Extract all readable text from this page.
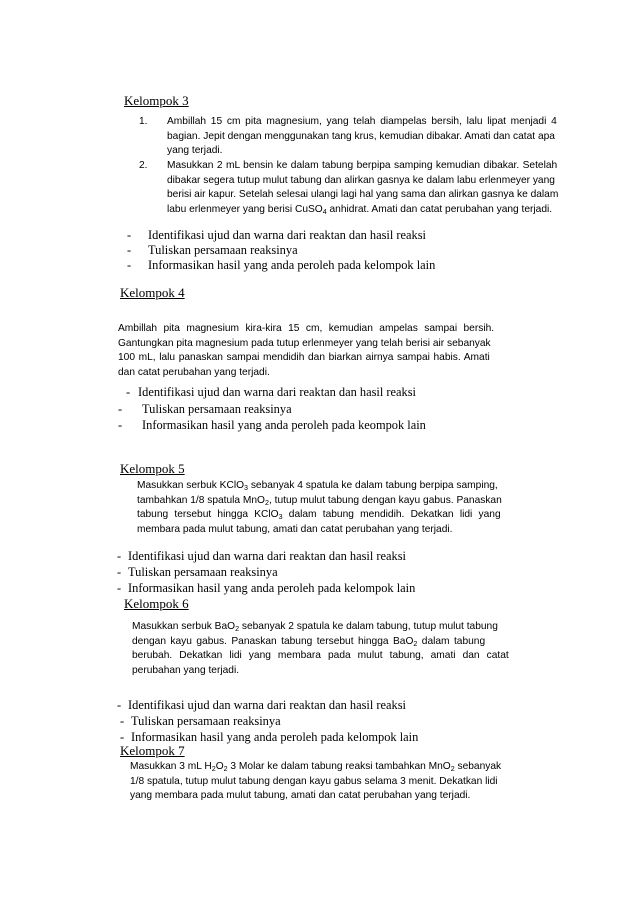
Kelompok 3

1. Ambillah 15 cm pita magnesium, yang telah diampelas bersih, lalu lipat menjadi 4
bagian. Jepit dengan menggunakan tang krus, kemudian dibakar. Amati dan catat apa
yang terjadi.

2. Masukkan 2 mL bensin ke dalam tabung berpipa samping kemudian dibakar. Setelah
dibakar segera tutup mulut tabung dan alirkan gasnya ke dalam labu erlenmeyer yang
berisi air kapur. Setelah selesai ulangi lagi hal yang sama dan alirkan gasnya ke dalam
labu erlenmeyer yang berisi CuSO$_4$ anhidrat. Amati dan catat perubahan yang terjadi.

- Identifikasi ujud dan warna dari reaktan dan hasil reaksi

- Tuliskan persamaan reaksinya

- Informasikan hasil yang anda peroleh pada kelompok lain

Kelompok 4

Ambillah pita magnesium kira-kira 15 cm, kemudian ampelas sampai bersih.
Gantungkan pita magnesium pada tutup erlenmeyer yang telah berisi air sebanyak
100 mL, lalu panaskan sampai mendidih dan biarkan airnya sampai habis. Amati
dan catat perubahan yang terjadi.

- Identifikasi ujud dan warna dari reaktan dan hasil reaksi

- Tuliskan persamaan reaksinya

- Informasikan hasil yang anda peroleh pada keompok lain

Kelompok 5

Masukkan serbuk KClO$_3$ sebanyak 4 spatula ke dalam tabung berpipa samping,
tambahkan 1/8 spatula MnO$_2$, tutup mulut tabung dengan kayu gabus. Panaskan
tabung tersebut hingga KClO$_3$ dalam tabung mendidih. Dekatkan lidi yang
membara pada mulut tabung, amati dan catat perubahan yang terjadi.

- Identifikasi ujud dan warna dari reaktan dan hasil reaksi

- Tuliskan persamaan reaksinya

- Informasikan hasil yang anda peroleh pada kelompok lain

Kelompok 6

Masukkan serbuk BaO$_2$ sebanyak 2 spatula ke dalam tabung, tutup mulut tabung
dengan kayu gabus. Panaskan tabung tersebut hingga BaO$_2$ dalam tabung
berubah. Dekatkan lidi yang membara pada mulut tabung, amati dan catat
perubahan yang terjadi.

- Identifikasi ujud dan warna dari reaktan dan hasil reaksi

- Tuliskan persamaan reaksinya

- Informasikan hasil yang anda peroleh pada kelompok lain

Kelompok 7

Masukkan 3 mL $H_2O_2$ 3 Molar ke dalam tabung reaksi tambahkan MnO$_2$ sebanyak
1/8 spatula, tutup mulut tabung dengan kayu gabus selama 3 menit. Dekatkan lidi
yang membara pada mulut tabung, amati dan catat perubahan yang terjadi.
